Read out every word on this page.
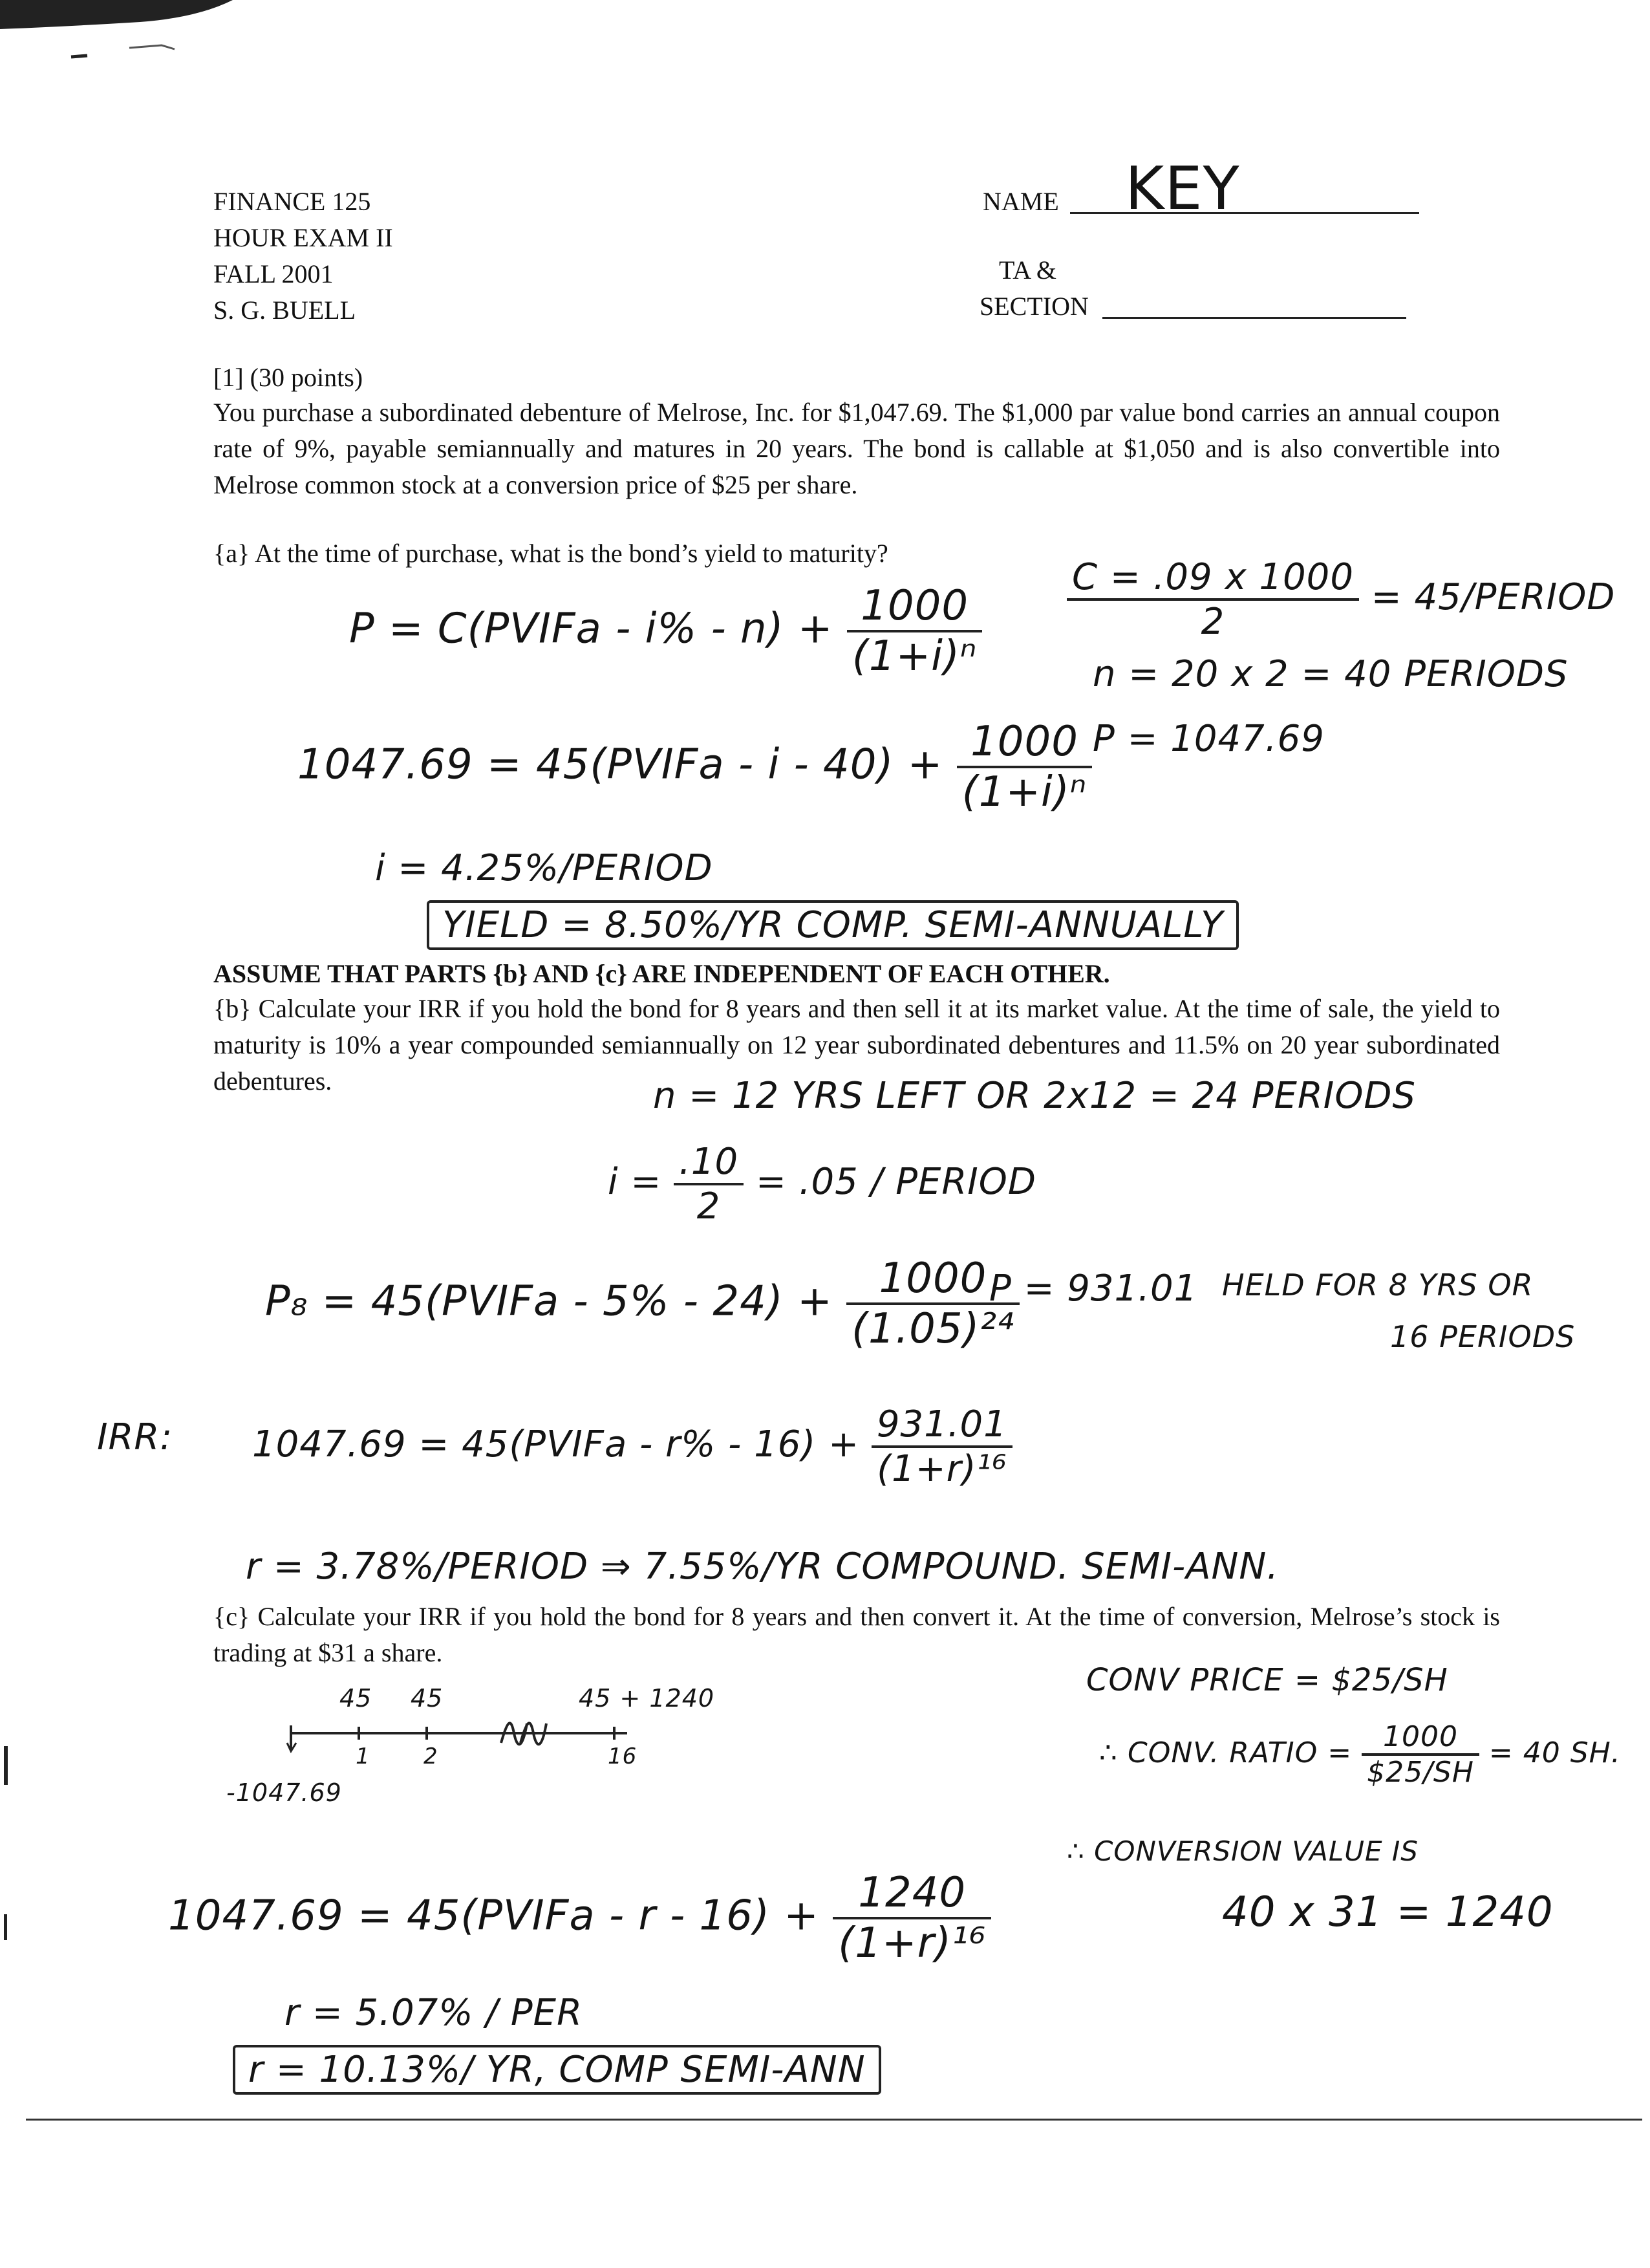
FINANCE 125
HOUR EXAM II
FALL 2001
S. G. BUELL
NAME KEY
TA &
SECTION
[1] (30 points)
You purchase a subordinated debenture of Melrose, Inc. for $1,047.69. The $1,000 par value bond carries an annual coupon rate of 9%, payable semiannually and matures in 20 years. The bond is callable at $1,050 and is also convertible into Melrose common stock at a conversion price of $25 per share.
{a} At the time of purchase, what is the bond’s yield to maturity?
P = C(PVIFa - $i\% - n) + \frac{1000}{\text{(1+i)ⁿ}}$
1047.69 = 45(PVIFa - $i - 40) + \frac{1000}{\text{(1+i)ⁿ}}$
i = 4.25%/PERIOD
YIELD = 8.50%/YR COMP. SEMI-ANNUALLY
$\frac{C = .09 x 1000}{2}$ = 45/PERIOD
n = 20 x 2 = 40 PERIODS
P = 1047.69
ASSUME THAT PARTS {b} AND {c} ARE INDEPENDENT OF EACH OTHER.
{b} Calculate your IRR if you hold the bond for 8 years and then sell it at its market value. At the time of sale, the yield to maturity is 10% a year compounded semiannually on 12 year subordinated debentures and 11.5% on 20 year subordinated debentures.	n = 12 YRS LEFT OR 2x12 = 24 PERIODS
$i = \frac{.10}{2} = .05$ / PERIOD
P₈ = 45(PVIFa - $5\% - 24) + \frac{1000}{\text{(1.05)²⁴}}$
P = 931.01 HELD FOR 8 YRS OR
16 PERIODS
IRR: 1047.69 = 45(PVIFa - $r\% - 16) + \frac{931.01}{\text{(1+r)¹⁶}}$
r = 3.78%/PERIOD ⇒ 7.55%/YR COMPOUND. SEMI-ANN.
{c} Calculate your IRR if you hold the bond for 8 years and then convert it. At the time of conversion, Melrose’s stock is trading at $31 a share.
45 45	45 + 1240
1 2	16
-1047.69
CONV PRICE = $25/SH
∴ CONV. RATIO = $\frac{1000}{\$25/SH} = 40$ SH.
∴ CONVERSION VALUE IS
40 x 31 = 1240
1047.69 = 45(PVIFa - $r - 16) + \frac{1240}{\text{(1+r)¹⁶}}$
r = 5.07% / PER
r = 10.13%/ YR, COMP SEMI-ANN
